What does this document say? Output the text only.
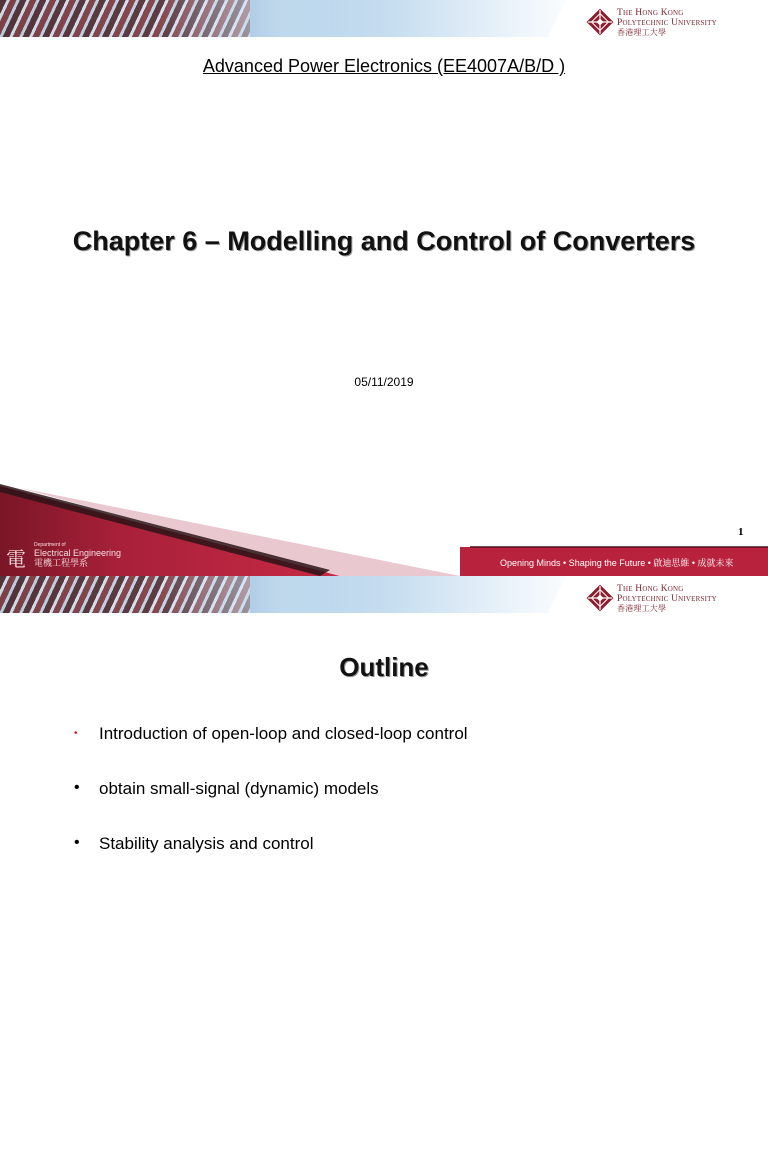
The Hong Kong
Polytechnic University
香港理工大學
Advanced Power Electronics (EE4007A/B/D )
Chapter 6 – Modelling and Control of Converters
05/11/2019
電
Department of
Electrical Engineering
電機工程學系	Opening Minds • Shaping the Future • 啟迪思維 • 成就未來
1
The Hong Kong
Polytechnic University
香港理工大學
Outline
• Introduction of open-loop and closed-loop control
• obtain small-signal (dynamic) models
• Stability analysis and control
